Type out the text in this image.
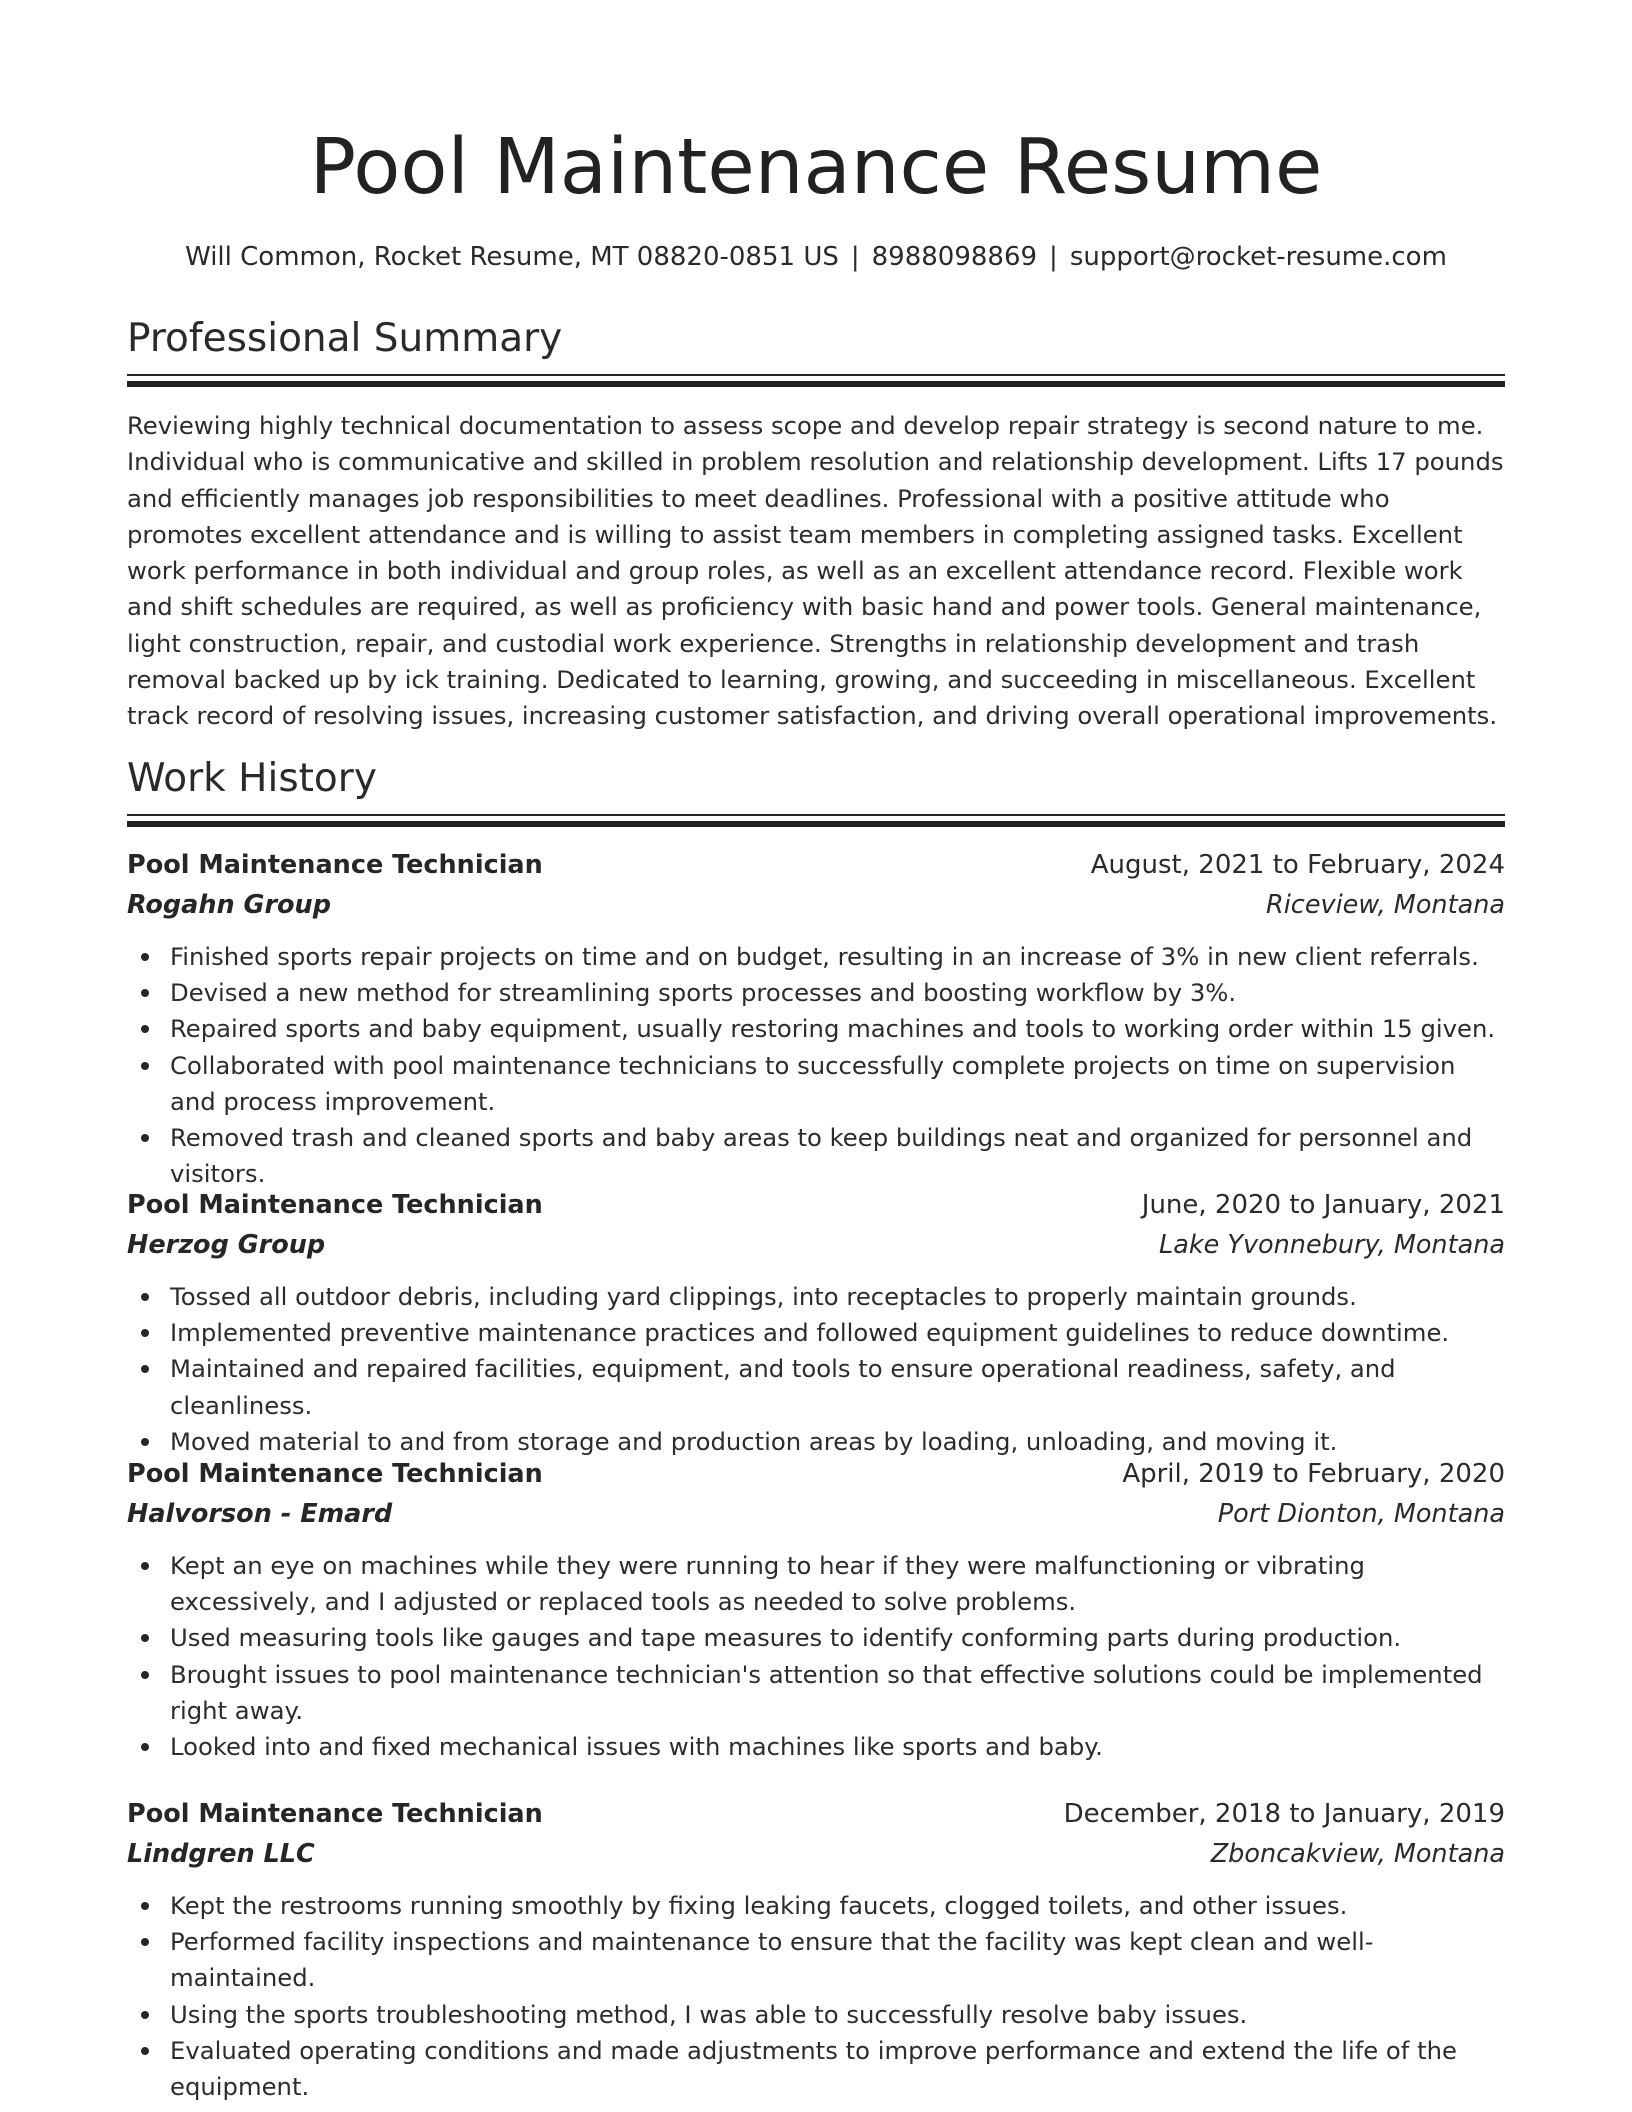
Pool Maintenance Resume
Will Common, Rocket Resume, MT 08820-0851 US | 8988098869 | support@rocket-resume.com
Professional Summary

Reviewing highly technical documentation to assess scope and develop repair strategy is second nature to me. Individual who is communicative and skilled in problem resolution and relationship development. Lifts 17 pounds and efficiently manages job responsibilities to meet deadlines. Professional with a positive attitude who promotes excellent attendance and is willing to assist team members in completing assigned tasks. Excellent work performance in both individual and group roles, as well as an excellent attendance record. Flexible work and shift schedules are required, as well as proficiency with basic hand and power tools. General maintenance, light construction, repair, and custodial work experience. Strengths in relationship development and trash removal backed up by ick training. Dedicated to learning, growing, and succeeding in miscellaneous. Excellent track record of resolving issues, increasing customer satisfaction, and driving overall operational improvements.

Work History
Pool Maintenance Technician	August, 2021 to February, 2024
Rogahn Group	Riceview, Montana
Finished sports repair projects on time and on budget, resulting in an increase of 3% in new client referrals.
Devised a new method for streamlining sports processes and boosting workflow by 3%.
Repaired sports and baby equipment, usually restoring machines and tools to working order within 15 given.
Collaborated with pool maintenance technicians to successfully complete projects on time on supervision and process improvement.
Removed trash and cleaned sports and baby areas to keep buildings neat and organized for personnel and visitors.
Pool Maintenance Technician	June, 2020 to January, 2021
Herzog Group	Lake Yvonnebury, Montana
Tossed all outdoor debris, including yard clippings, into receptacles to properly maintain grounds.
Implemented preventive maintenance practices and followed equipment guidelines to reduce downtime.
Maintained and repaired facilities, equipment, and tools to ensure operational readiness, safety, and cleanliness.
Moved material to and from storage and production areas by loading, unloading, and moving it.
Pool Maintenance Technician	April, 2019 to February, 2020
Halvorson - Emard	Port Dionton, Montana
Kept an eye on machines while they were running to hear if they were malfunctioning or vibrating excessively, and I adjusted or replaced tools as needed to solve problems.
Used measuring tools like gauges and tape measures to identify conforming parts during production.
Brought issues to pool maintenance technician's attention so that effective solutions could be implemented right away.
Looked into and fixed mechanical issues with machines like sports and baby.
Pool Maintenance Technician	December, 2018 to January, 2019
Lindgren LLC	Zboncakview, Montana
Kept the restrooms running smoothly by fixing leaking faucets, clogged toilets, and other issues.
Performed facility inspections and maintenance to ensure that the facility was kept clean and well-maintained.
Using the sports troubleshooting method, I was able to successfully resolve baby issues.
Evaluated operating conditions and made adjustments to improve performance and extend the life of the equipment.
